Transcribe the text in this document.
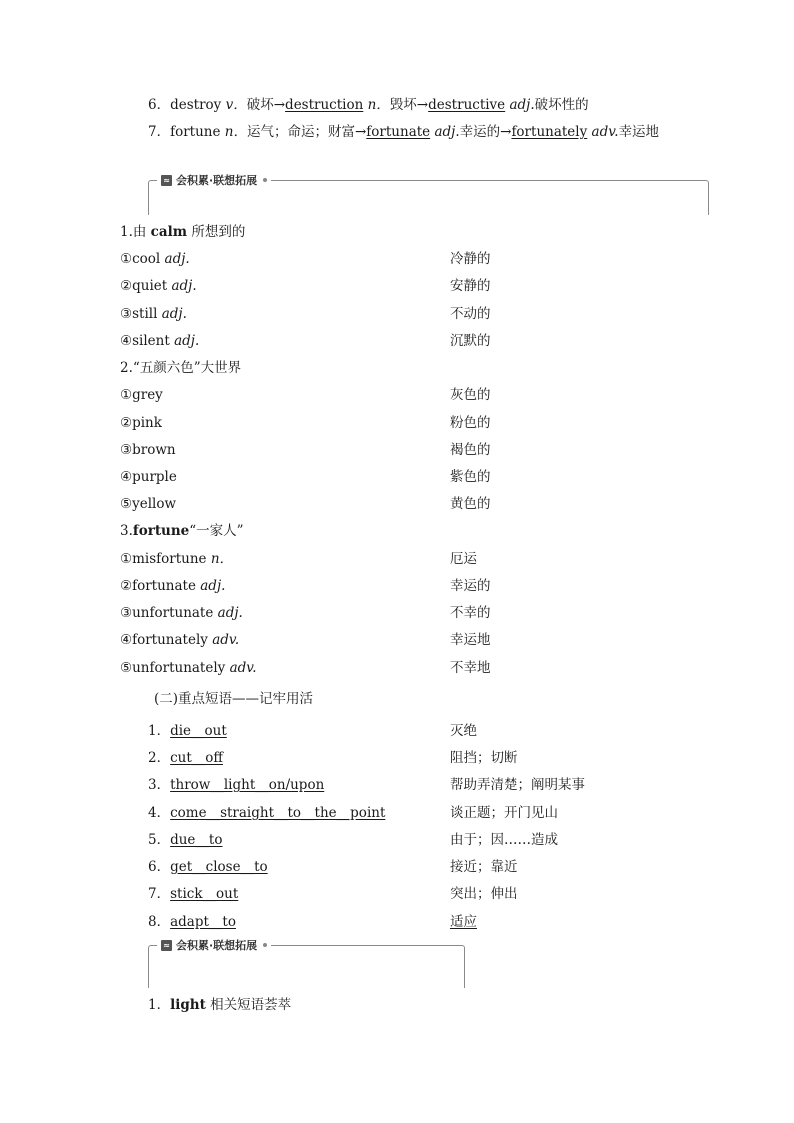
6．destroy v．破坏→destruction n．毁坏→destructive adj.破坏性的
7．fortune n．运气；命运；财富→fortunate adj.幸运的→fortunately adv.幸运地
≈ 会积累·联想拓展
1.由 calm 所想到的
①cool adj.	冷静的
②quiet adj.	安静的
③still adj.	不动的
④silent adj.	沉默的
2.“五颜六色”大世界
①grey	灰色的
②pink	粉色的
③brown	褐色的
④purple	紫色的
⑤yellow	黄色的
3.fortune“一家人”
①misfortune n．	厄运
②fortunate adj.	幸运的
③unfortunate adj.	不幸的
④fortunately adv.	幸运地
⑤unfortunately adv.	不幸地
(二)重点短语——记牢用活
1．die__out	灭绝
2．cut__off	阻挡；切断
3．throw__light__on/upon	帮助弄清楚；阐明某事
4．come__straight__to__the__point	谈正题；开门见山
5．due__to	由于；因……造成
6．get__close__to	接近；靠近
7．stick__out	突出；伸出
8．adapt__to	适应
≈ 会积累·联想拓展
1．light 相关短语荟萃
